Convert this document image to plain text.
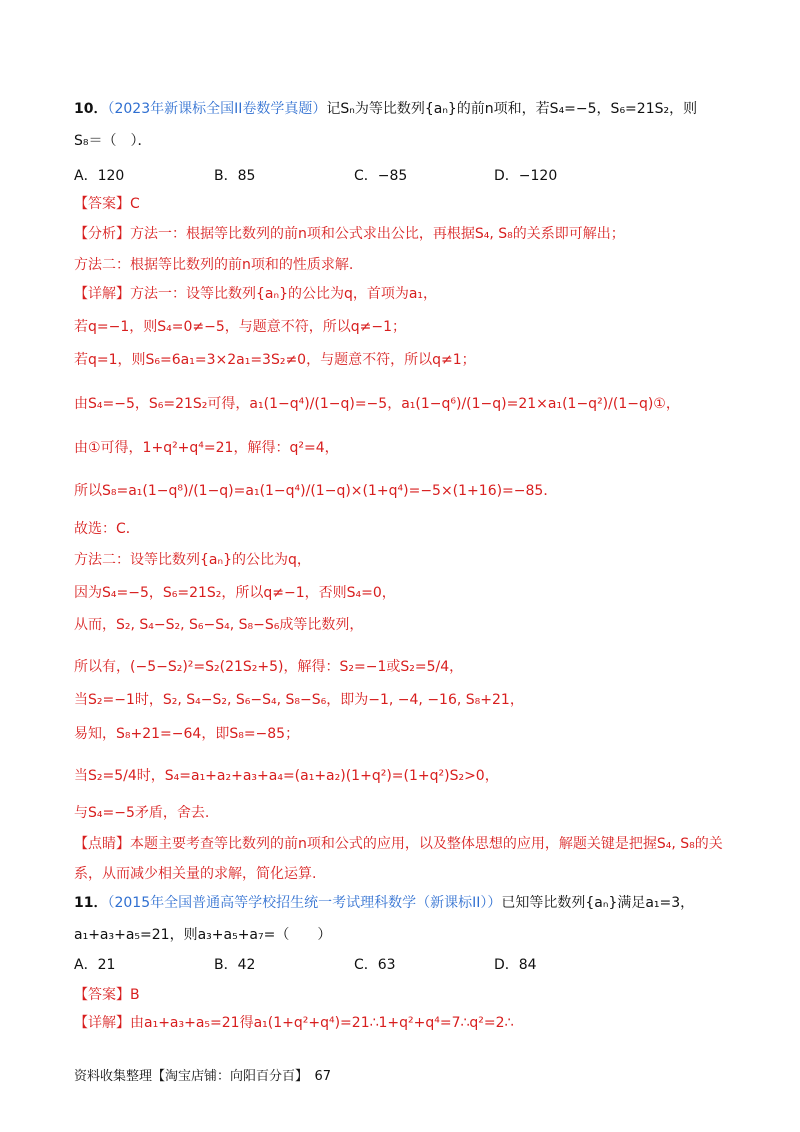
10．（2023年新课标全国II卷数学真题）记Sₙ为等比数列{aₙ}的前n项和，若S₄=−5，S₆=21S₂，则
S₈＝（　）．
A．120	B．85	C．−85	D．−120
【答案】C
【分析】方法一：根据等比数列的前n项和公式求出公比，再根据S₄, S₈的关系即可解出；
方法二：根据等比数列的前n项和的性质求解.
【详解】方法一：设等比数列{aₙ}的公比为q，首项为a₁，
若q=−1，则S₄=0≠−5，与题意不符，所以q≠−1；
若q=1，则S₆=6a₁=3×2a₁=3S₂≠0，与题意不符，所以q≠1；
由S₄=−5，S₆=21S₂可得，a₁(1−q⁴)/(1−q)=−5，a₁(1−q⁶)/(1−q)=21×a₁(1−q²)/(1−q)①，
由①可得，1+q²+q⁴=21，解得：q²=4，
所以S₈=a₁(1−q⁸)/(1−q)=a₁(1−q⁴)/(1−q)×(1+q⁴)=−5×(1+16)=−85．
故选：C．
方法二：设等比数列{aₙ}的公比为q，
因为S₄=−5，S₆=21S₂，所以q≠−1，否则S₄=0，
从而，S₂, S₄−S₂, S₆−S₄, S₈−S₆成等比数列，
所以有，(−5−S₂)²=S₂(21S₂+5)，解得：S₂=−1或S₂=5/4，
当S₂=−1时，S₂, S₄−S₂, S₆−S₄, S₈−S₆，即为−1, −4, −16, S₈+21，
易知，S₈+21=−64，即S₈=−85；
当S₂=5/4时，S₄=a₁+a₂+a₃+a₄=(a₁+a₂)(1+q²)=(1+q²)S₂>0，
与S₄=−5矛盾，舍去.
【点睛】本题主要考查等比数列的前n项和公式的应用，以及整体思想的应用，解题关键是把握S₄, S₈的关
系，从而减少相关量的求解，简化运算.
11．（2015年全国普通高等学校招生统一考试理科数学（新课标II））已知等比数列{aₙ}满足a₁=3，
a₁+a₃+a₅=21，则a₃+a₅+a₇=（　　）
A．21	B．42	C．63	D．84
【答案】B
【详解】由a₁+a₃+a₅=21得a₁(1+q²+q⁴)=21∴1+q²+q⁴=7∴q²=2∴
资料收集整理【淘宝店铺：向阳百分百】　67
